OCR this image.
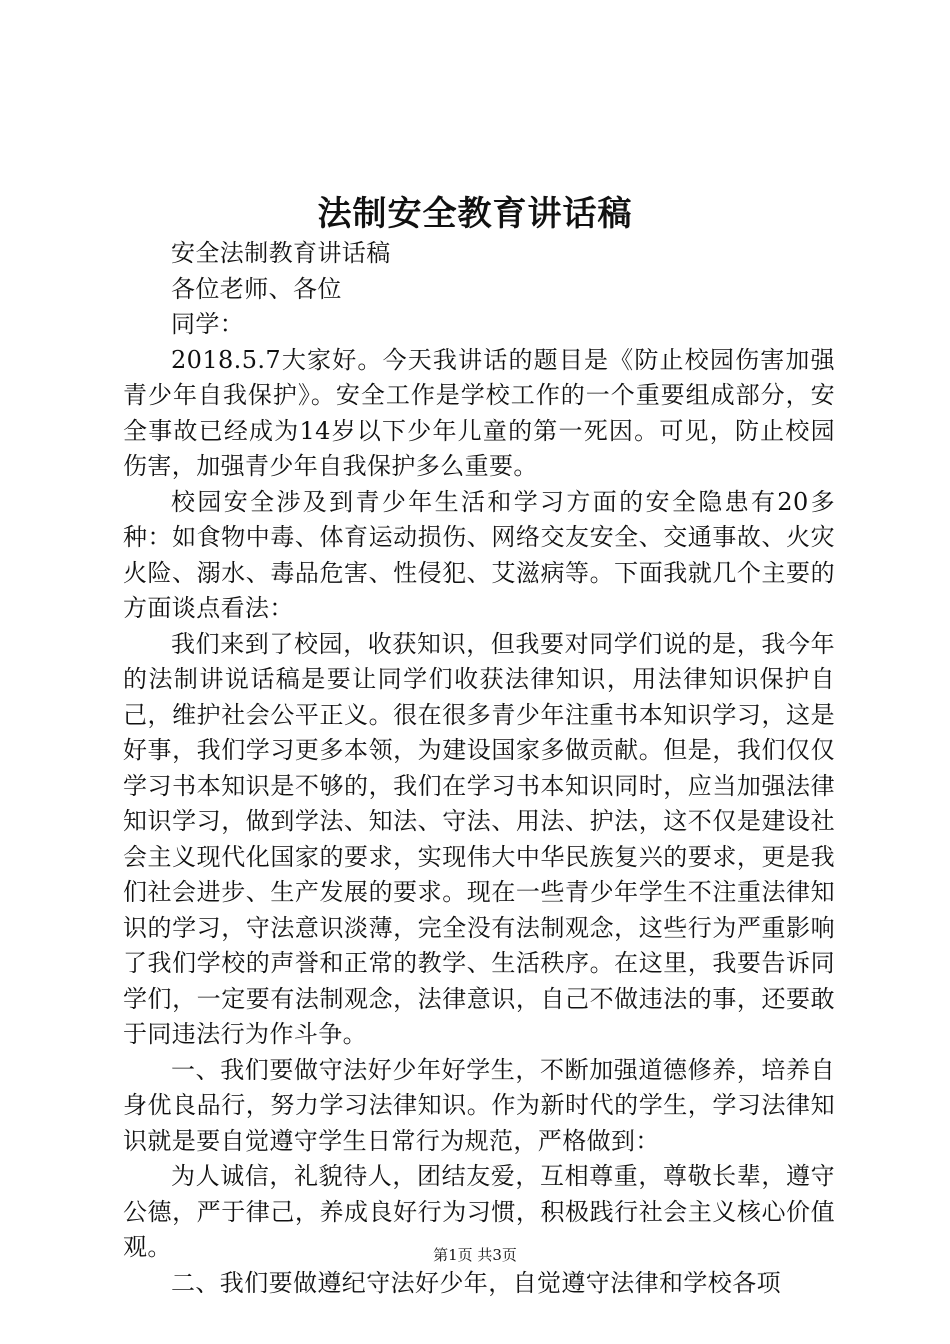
法制安全教育讲话稿

安全法制教育讲话稿

各位老师、各位

同学：

2018.5.7大家好。今天我讲话的题目是《防止校园伤害加强青少年自我保护》。安全工作是学校工作的一个重要组成部分，安全事故已经成为14岁以下少年儿童的第一死因。可见，防止校园伤害，加强青少年自我保护多么重要。

校园安全涉及到青少年生活和学习方面的安全隐患有20多种：如食物中毒、体育运动损伤、网络交友安全、交通事故、火灾火险、溺水、毒品危害、性侵犯、艾滋病等。下面我就几个主要的方面谈点看法：

我们来到了校园，收获知识，但我要对同学们说的是，我今年的法制讲说话稿是要让同学们收获法律知识，用法律知识保护自己，维护社会公平正义。很在很多青少年注重书本知识学习，这是好事，我们学习更多本领，为建设国家多做贡献。但是，我们仅仅学习书本知识是不够的，我们在学习书本知识同时，应当加强法律知识学习，做到学法、知法、守法、用法、护法，这不仅是建设社会主义现代化国家的要求，实现伟大中华民族复兴的要求，更是我们社会进步、生产发展的要求。现在一些青少年学生不注重法律知识的学习，守法意识淡薄，完全没有法制观念，这些行为严重影响了我们学校的声誉和正常的教学、生活秩序。在这里，我要告诉同学们，一定要有法制观念，法律意识，自己不做违法的事，还要敢于同违法行为作斗争。

一、我们要做守法好少年好学生，不断加强道德修养，培养自身优良品行，努力学习法律知识。作为新时代的学生，学习法律知识就是要自觉遵守学生日常行为规范，严格做到：

为人诚信，礼貌待人，团结友爱，互相尊重，尊敬长辈，遵守公德，严于律己，养成良好行为习惯，积极践行社会主义核心价值观。

二、我们要做遵纪守法好少年，自觉遵守法律和学校各项

第1页 共3页
